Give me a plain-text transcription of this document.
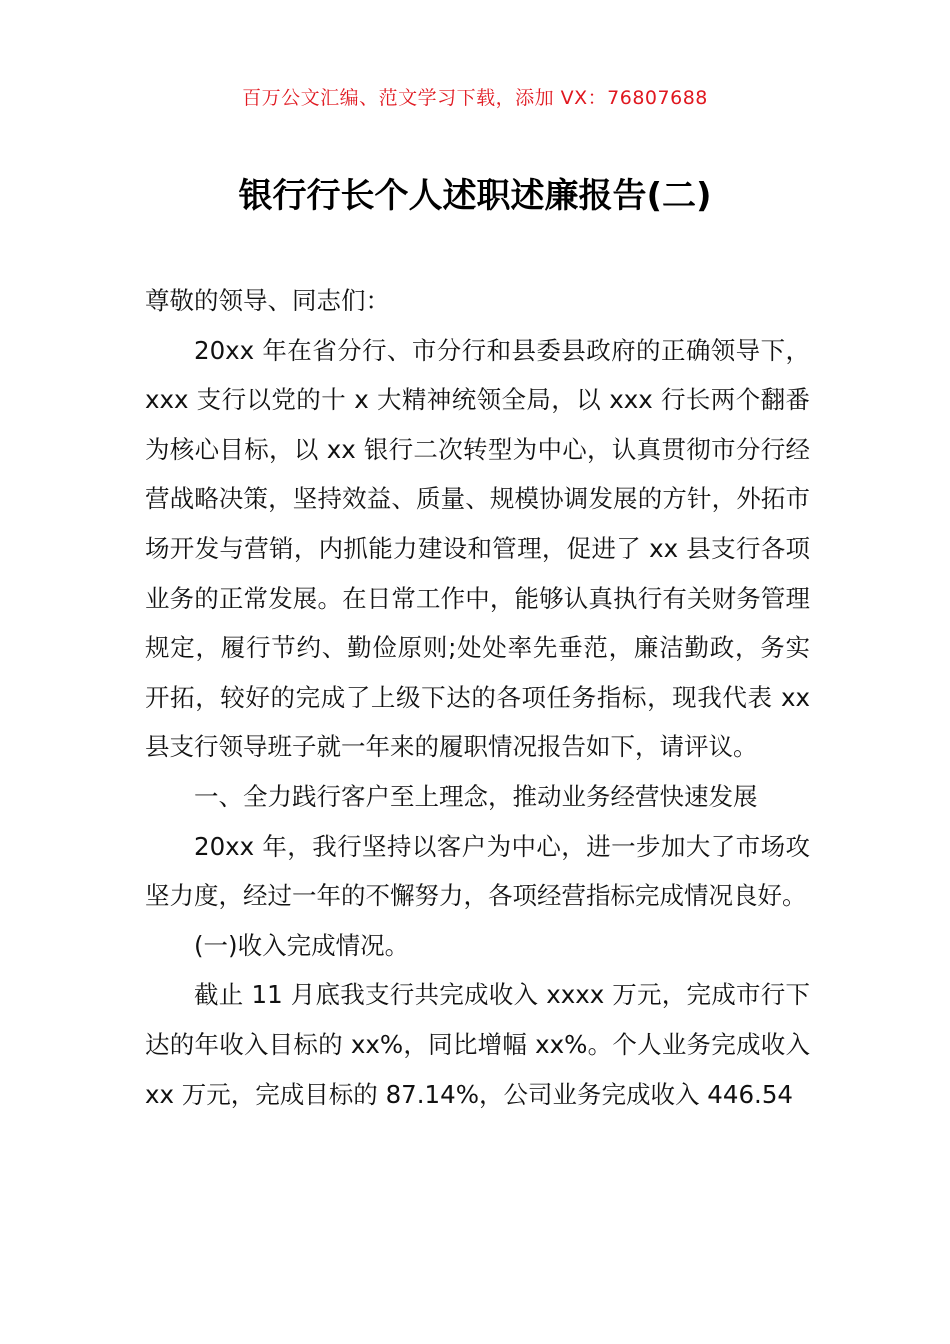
百万公文汇编、范文学习下载，添加 VX：76807688
银行行长个人述职述廉报告(二)

尊敬的领导、同志们：

20xx 年在省分行、市分行和县委县政府的正确领导下，xxx 支行以党的十 x 大精神统领全局，以 xxx 行长两个翻番为核心目标，以 xx 银行二次转型为中心，认真贯彻市分行经营战略决策，坚持效益、质量、规模协调发展的方针，外拓市场开发与营销，内抓能力建设和管理，促进了 xx 县支行各项业务的正常发展。在日常工作中，能够认真执行有关财务管理规定，履行节约、勤俭原则;处处率先垂范，廉洁勤政，务实开拓，较好的完成了上级下达的各项任务指标，现我代表 xx 县支行领导班子就一年来的履职情况报告如下，请评议。

一、全力践行客户至上理念，推动业务经营快速发展

20xx 年，我行坚持以客户为中心，进一步加大了市场攻坚力度，经过一年的不懈努力，各项经营指标完成情况良好。

(一)收入完成情况。

截止 11 月底我支行共完成收入 xxxx 万元，完成市行下达的年收入目标的 xx%，同比增幅 xx%。个人业务完成收入 xx 万元，完成目标的 87.14%，公司业务完成收入 446.54
